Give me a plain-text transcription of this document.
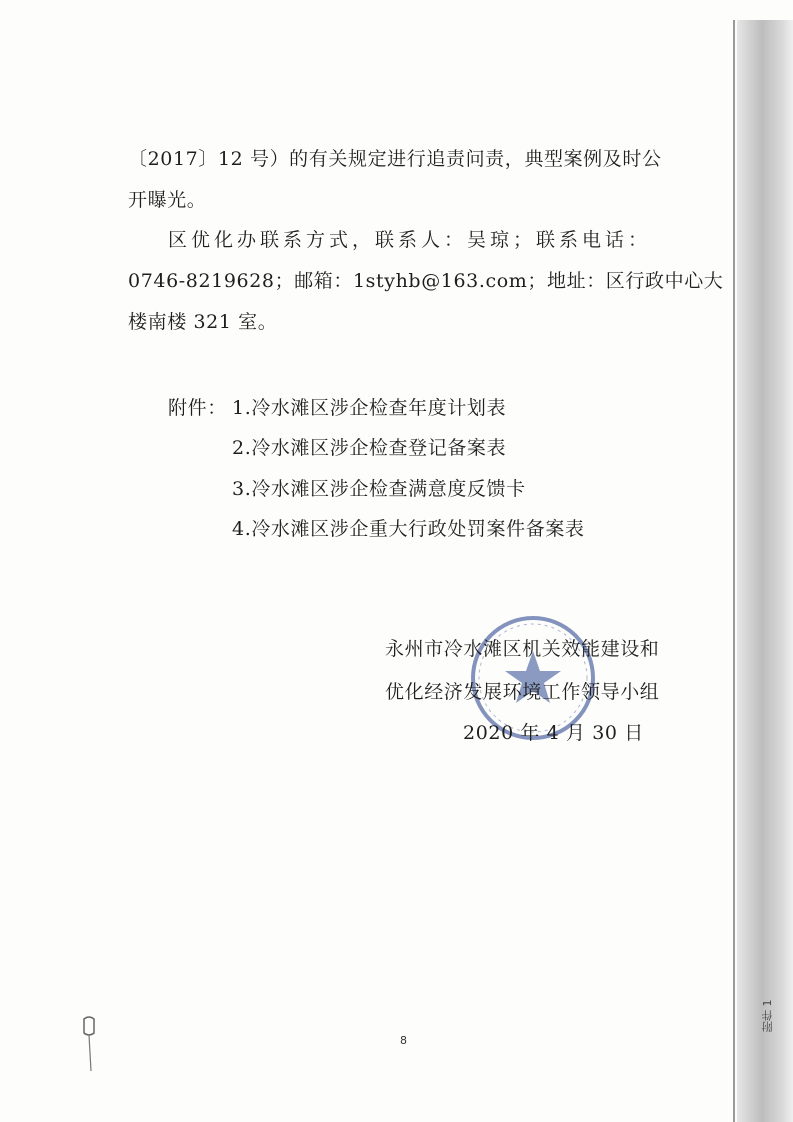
附件 1
〔2017〕12 号）的有关规定进行追责问责，典型案例及时公
开曝光。
区优化办联系方式，联系人：吴琼；联系电话：
0746-8219628；邮箱：1styhb@163.com；地址：区行政中心大
楼南楼 321 室。
附件： 1.冷水滩区涉企检查年度计划表
2.冷水滩区涉企检查登记备案表
3.冷水滩区涉企检查满意度反馈卡
4.冷水滩区涉企重大行政处罚案件备案表
永州市冷水滩区机关效能建设和
优化经济发展环境工作领导小组
2020 年 4 月 30 日
8
